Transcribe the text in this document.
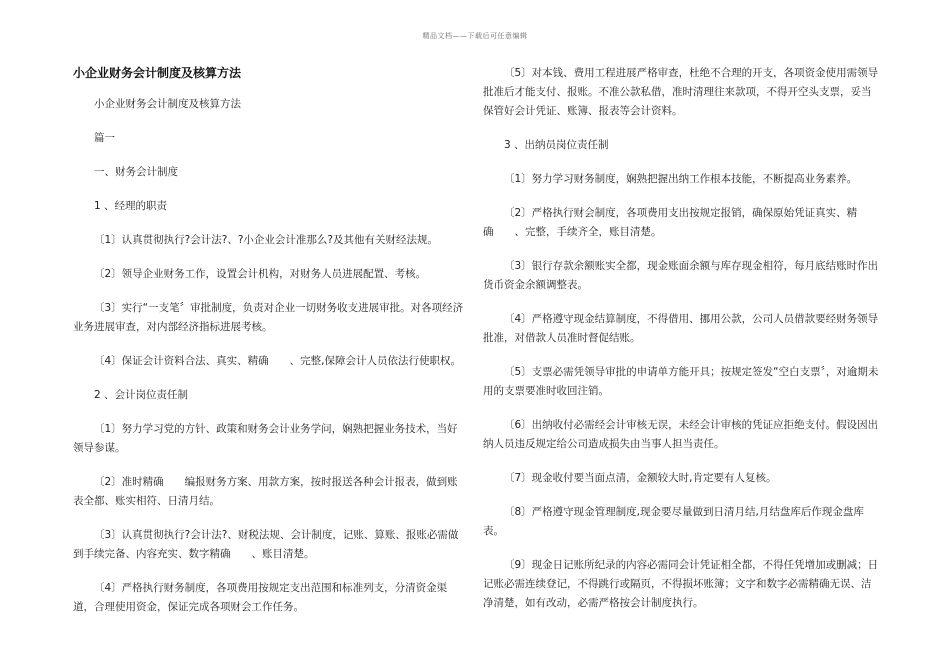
精品文档——下载后可任意编辑
小企业财务会计制度及核算方法

小企业财务会计制度及核算方法

篇一

一、财务会计制度

1 、经理的职责

〔1〕认真贯彻执行?会计法?、?小企业会计准那么?及其他有关财经法规。

〔2〕领导企业财务工作，设置会计机构，对财务人员进展配置、考核。

〔3〕实行“一支笔〞审批制度，负责对企业一切财务收支进展审批。对各项经济业务进展审查，对内部经济指标进展考核。

〔4〕保证会计资料合法、真实、精确　　、完整,保障会计人员依法行使职权。

2 、会计岗位责任制

〔1〕努力学习党的方针、政策和财务会计业务学问，娴熟把握业务技术，当好领导参谋。

〔2〕准时精确　　编报财务方案、用款方案，按时报送各种会计报表，做到账表全都、账实相符、日清月结。

〔3〕认真贯彻执行?会计法?、财税法规、会计制度，记账、算账、报账必需做到手续完备、内容充实、数字精确　　、账目清楚。

〔4〕严格执行财务制度，各项费用按规定支出范围和标准列支，分清资金渠道，合理使用资金，保证完成各项财会工作任务。

〔5〕对本钱、费用工程进展严格审查，杜绝不合理的开支，各项资金使用需领导批准后才能支付、报账。不准公款私借，准时清理往来款项，不得开空头支票，妥当保管好会计凭证、账簿、报表等会计资料。

3 、出纳员岗位责任制

〔1〕努力学习财务制度，娴熟把握出纳工作根本技能，不断提高业务素养。

〔2〕严格执行财会制度，各项费用支出按规定报销，确保原始凭证真实、精确　　、完整，手续齐全，账目清楚。

〔3〕银行存款余额账实全都，现金账面余额与库存现金相符，每月底结账时作出货币资金余额调整表。

〔4〕严格遵守现金结算制度，不得借用、挪用公款，公司人员借款要经财务领导批准，对借款人员准时督促结账。

〔5〕支票必需凭领导审批的申请单方能开具；按规定签发“空白支票〞，对逾期未用的支票要准时收回注销。

〔6〕出纳收付必需经会计审核无误，未经会计审核的凭证应拒绝支付。假设因出纳人员违反规定给公司造成损失由当事人担当责任。

〔7〕现金收付要当面点清，金额较大时,肯定要有人复核。

〔8〕严格遵守现金管理制度,现金要尽量做到日清月结,月结盘库后作现金盘库表。

〔9〕现金日记账所纪录的内容必需同会计凭证相全都，不得任凭增加或删减；日记账必需连续登记，不得跳行或隔页，不得损坏账簿；文字和数字必需精确无误、洁净清楚，如有改动，必需严格按会计制度执行。
